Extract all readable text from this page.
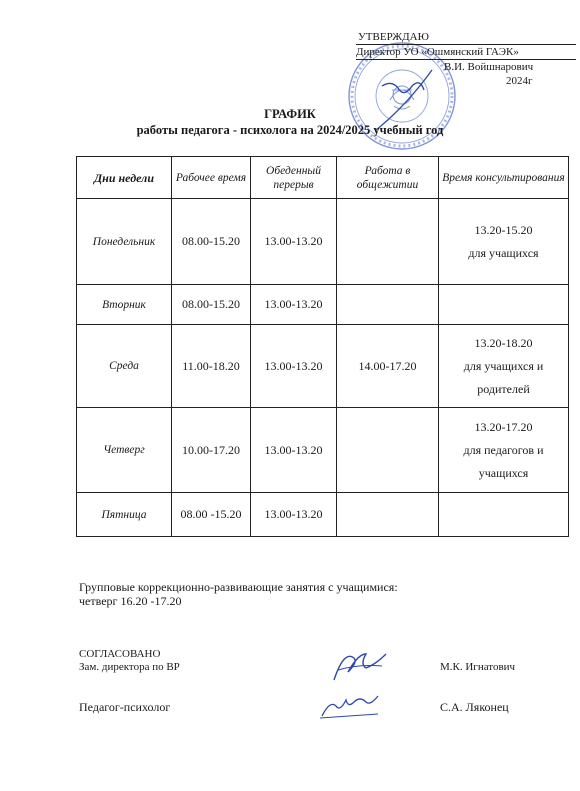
УТВЕРЖДАЮ
Директор УО «Ошмянский ГАЭК»
В.И. Войшнарович
2024г
ГРАФИК
работы педагога - психолога на 2024/2025 учебный год
Дни недели	Рабочее время	Обеденный перерыв	Работа в общежитии	Время консультирования
Понедельник	08.00-15.20	13.00-13.20		13.20-15.20
для учащихся

Вторник	08.00-15.20	13.00-13.20		
Среда	11.00-18.20	13.00-13.20	14.00-17.20	13.20-18.20
для учащихся и
родителей

Четверг	10.00-17.20	13.00-13.20		13.20-17.20
для педагогов и
учащихся

Пятница	08.00 -15.20	13.00-13.20		
Групповые коррекционно-развивающие занятия с учащимися:
четверг 16.20 -17.20
СОГЛАСОВАНО
Зам. директора по ВР	М.К. Игнатович
Педагог-психолог	С.А. Ляконец
